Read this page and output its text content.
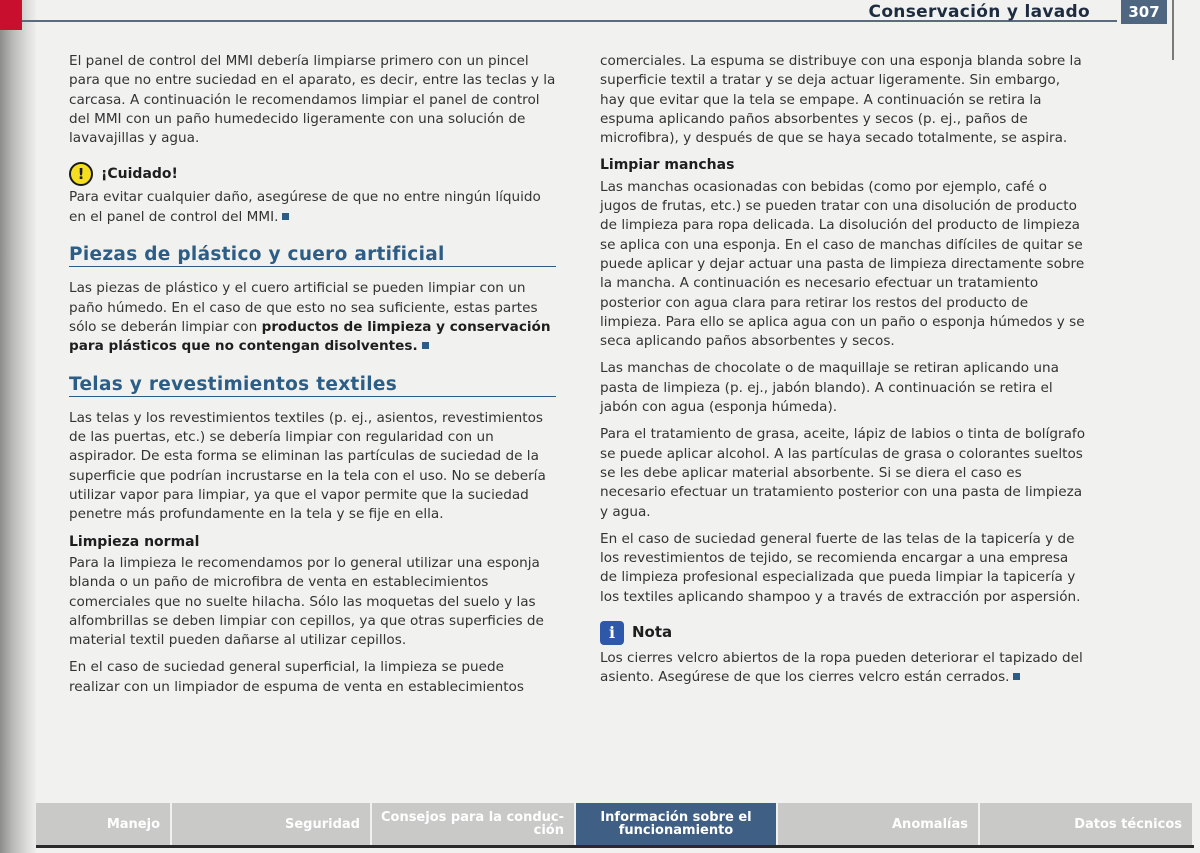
Conservación y lavado	307

El panel de control del MMI debería limpiarse primero con un pincel para que no entre suciedad en el aparato, es decir, entre las teclas y la carcasa. A continuación le recomendamos limpiar el panel de control del MMI con un paño humedecido ligeramente con una solución de lavavajillas y agua.

!	¡Cuidado!

Para evitar cualquier daño, asegúrese de que no entre ningún líquido en el panel de control del MMI.

Piezas de plástico y cuero artificial

Las piezas de plástico y el cuero artificial se pueden limpiar con un paño húmedo. En el caso de que esto no sea suficiente, estas partes sólo se deberán limpiar con productos de limpieza y conservación para plásticos que no contengan disolventes.

Telas y revestimientos textiles

Las telas y los revestimientos textiles (p. ej., asientos, revestimientos de las puertas, etc.) se debería limpiar con regularidad con un aspirador. De esta forma se eliminan las partículas de suciedad de la superficie que podrían incrustarse en la tela con el uso. No se debería utilizar vapor para limpiar, ya que el vapor permite que la suciedad penetre más profundamente en la tela y se fije en ella.

Limpieza normal

Para la limpieza le recomendamos por lo general utilizar una esponja blanda o un paño de microfibra de venta en establecimientos comerciales que no suelte hilacha. Sólo las moquetas del suelo y las alfombrillas se deben limpiar con cepillos, ya que otras superficies de material textil pueden dañarse al utilizar cepillos.

En el caso de suciedad general superficial, la limpieza se puede realizar con un limpiador de espuma de venta en establecimientos

comerciales. La espuma se distribuye con una esponja blanda sobre la superficie textil a tratar y se deja actuar ligeramente. Sin embargo, hay que evitar que la tela se empape. A continuación se retira la espuma aplicando paños absorbentes y secos (p. ej., paños de microfibra), y después de que se haya secado totalmente, se aspira.

Limpiar manchas

Las manchas ocasionadas con bebidas (como por ejemplo, café o jugos de frutas, etc.) se pueden tratar con una disolución de producto de limpieza para ropa delicada. La disolución del producto de limpieza se aplica con una esponja. En el caso de manchas difíciles de quitar se puede aplicar y dejar actuar una pasta de limpieza directamente sobre la mancha. A continuación es necesario efectuar un tratamiento posterior con agua clara para retirar los restos del producto de limpieza. Para ello se aplica agua con un paño o esponja húmedos y se seca aplicando paños absorbentes y secos.

Las manchas de chocolate o de maquillaje se retiran aplicando una pasta de limpieza (p. ej., jabón blando). A continuación se retira el jabón con agua (esponja húmeda).

Para el tratamiento de grasa, aceite, lápiz de labios o tinta de bolígrafo se puede aplicar alcohol. A las partículas de grasa o colorantes sueltos se les debe aplicar material absorbente. Si se diera el caso es necesario efectuar un tratamiento posterior con una pasta de limpieza y agua.

En el caso de suciedad general fuerte de las telas de la tapicería y de los revestimientos de tejido, se recomienda encargar a una empresa de limpieza profesional especializada que pueda limpiar la tapicería y los textiles aplicando shampoo y a través de extracción por aspersión.

i	Nota

Los cierres velcro abiertos de la ropa pueden deteriorar el tapizado del asiento. Asegúrese de que los cierres velcro están cerrados.

Manejo	Seguridad	Consejos para la conduc-
ción
Información sobre el
funcionamiento	Anomalías	Datos técnicos
